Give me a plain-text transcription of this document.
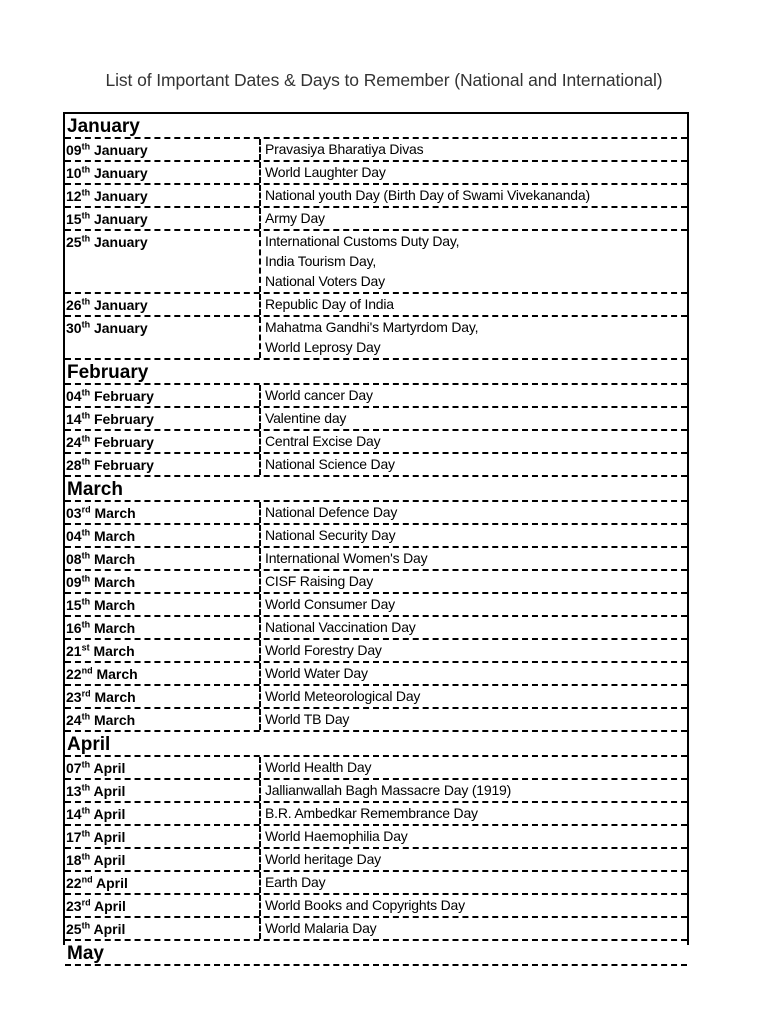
List of Important Dates & Days to Remember (National and International)
January
09th January	Pravasiya Bharatiya Divas
10th January	World Laughter Day
12th January	National youth Day (Birth Day of Swami Vivekananda)
15th January	Army Day
25th January	International Customs Duty Day,
India Tourism Day,
National Voters Day
26th January	Republic Day of India
30th January	Mahatma Gandhi's Martyrdom Day,
World Leprosy Day
February
04th February	World cancer Day
14th February	Valentine day
24th February	Central Excise Day
28th February	National Science Day
March
03rd March	National Defence Day
04th March	National Security Day
08th March	International Women's Day
09th March	CISF Raising Day
15th March	World Consumer Day
16th March	National Vaccination Day
21st March	World Forestry Day
22nd March	World Water Day
23rd March	World Meteorological Day
24th March	World TB Day
April
07th April	World Health Day
13th April	Jallianwallah Bagh Massacre Day (1919)
14th April	B.R. Ambedkar Remembrance Day
17th April	World Haemophilia Day
18th April	World heritage Day
22nd April	Earth Day
23rd April	World Books and Copyrights Day
25th April	World Malaria Day
May
